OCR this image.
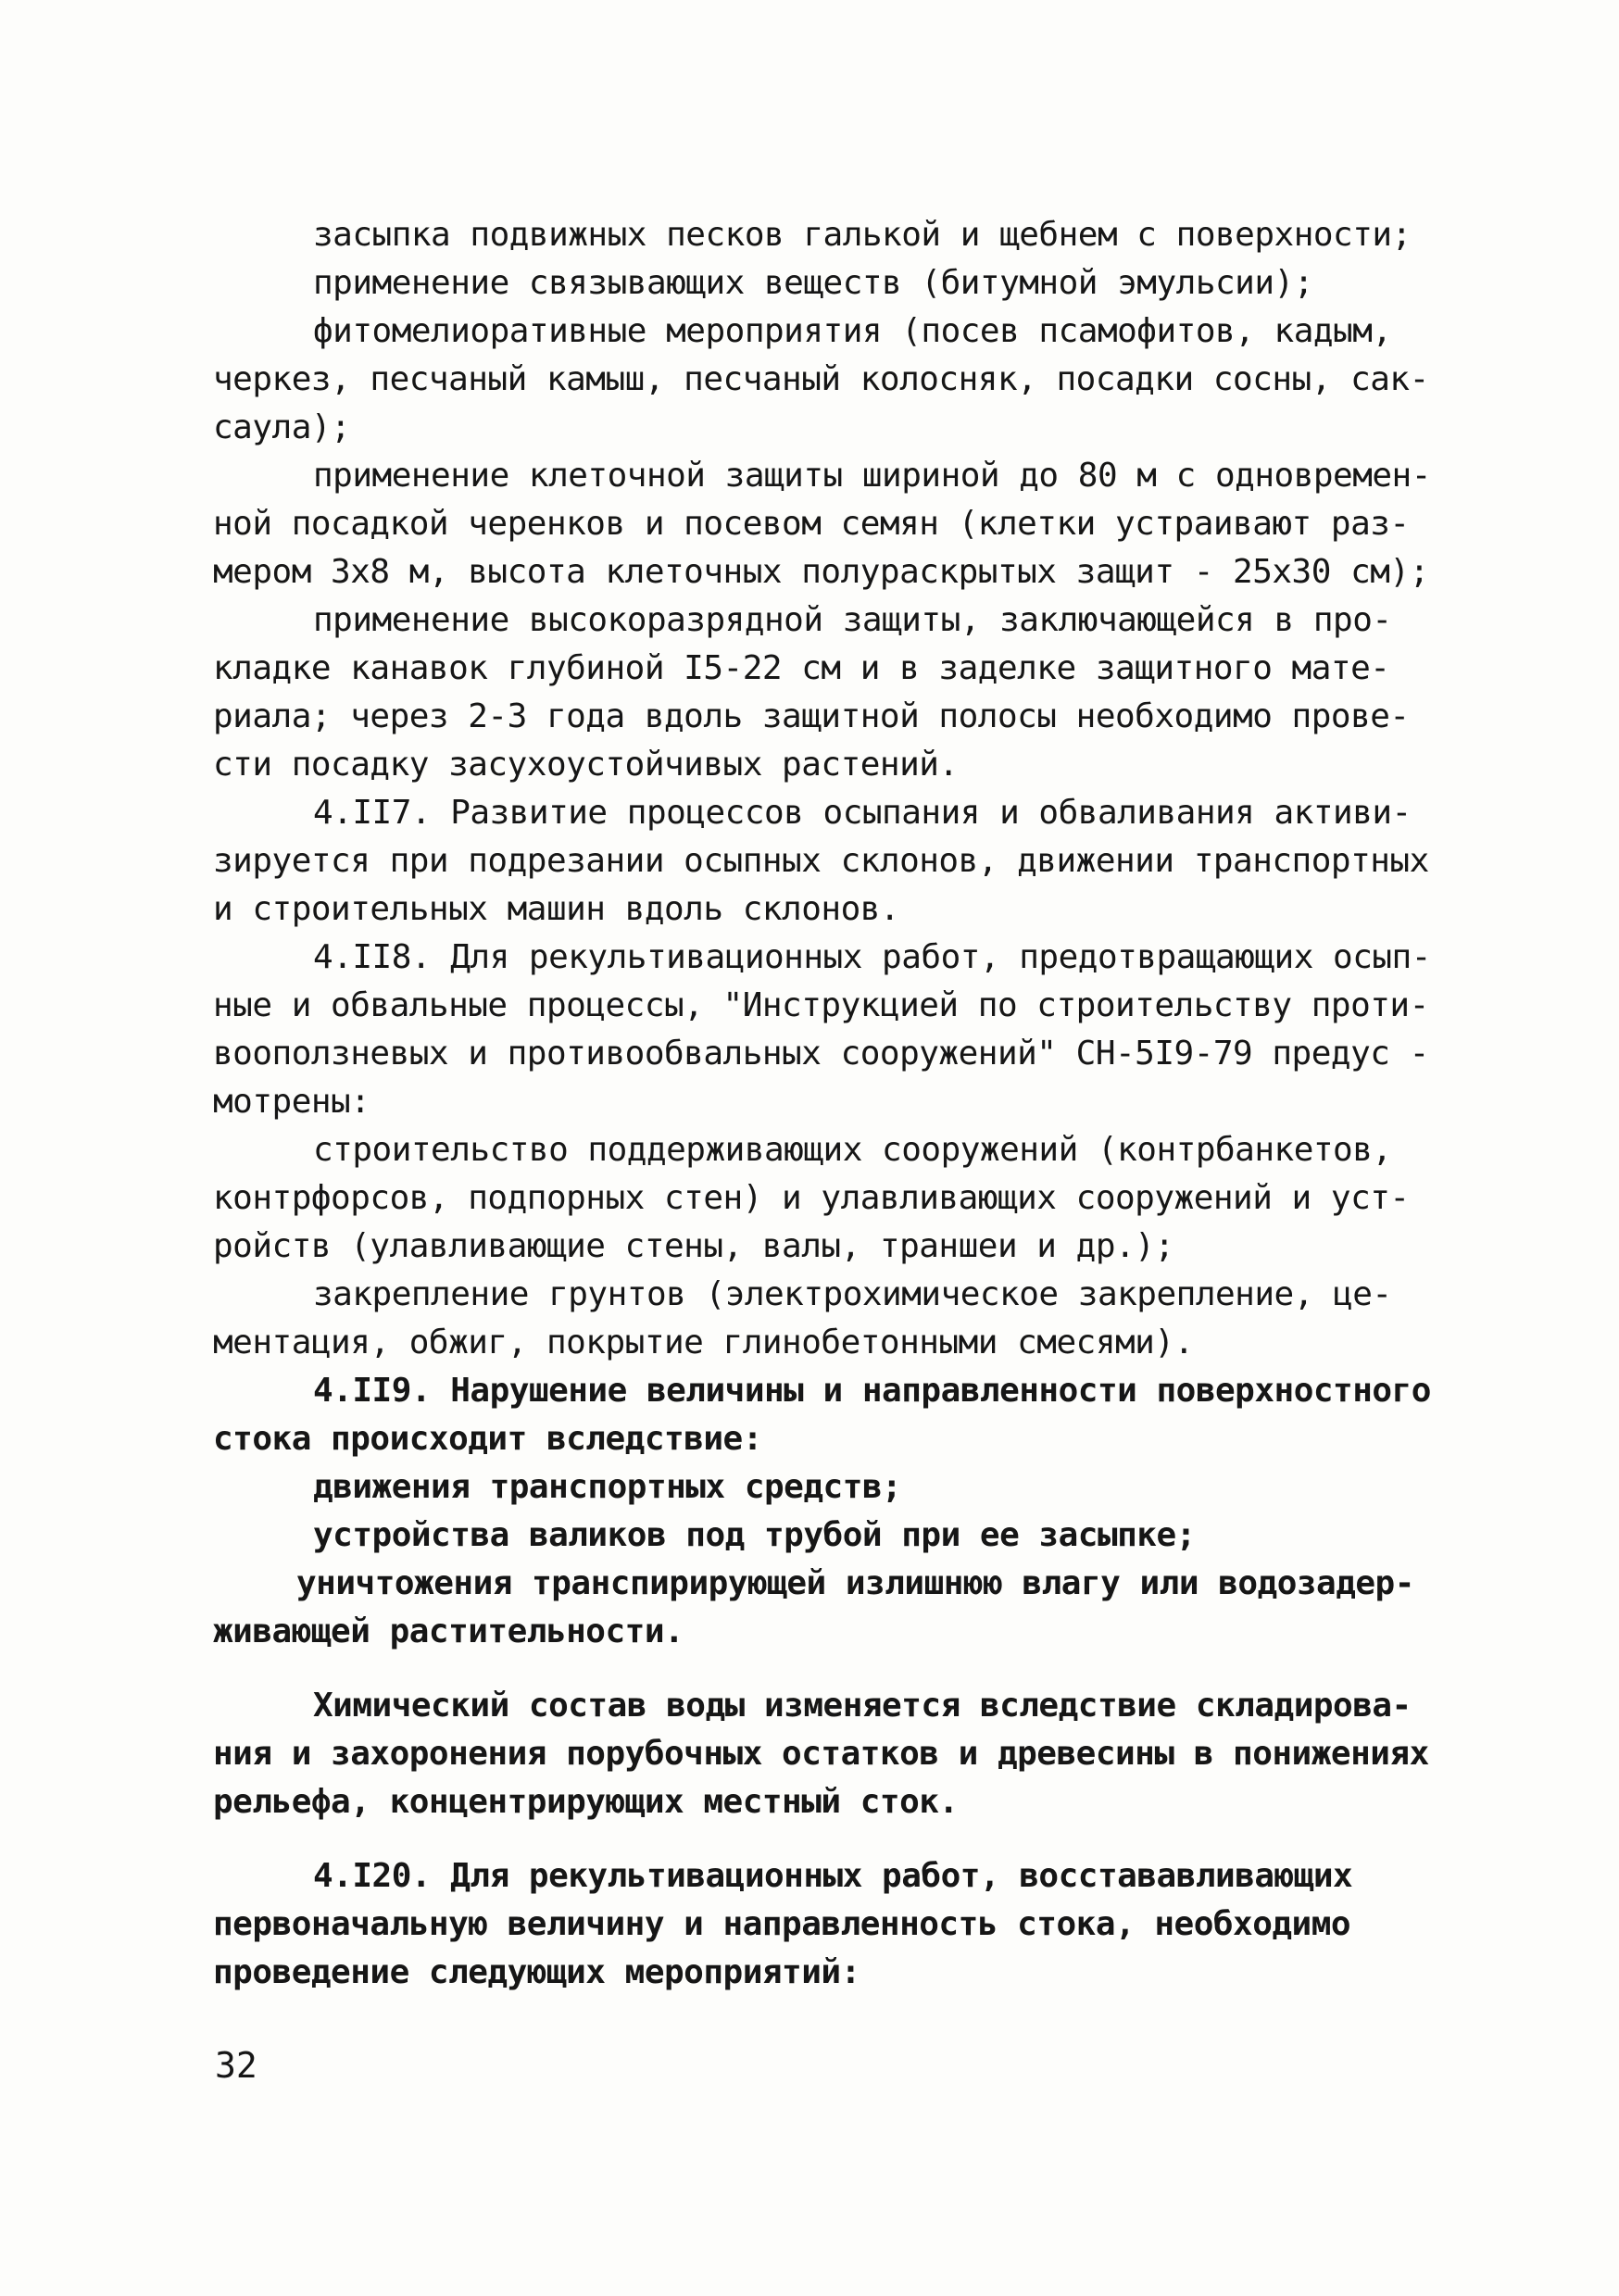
засыпка подвижных песков галькой и щебнем с поверхности;
применение связывающих веществ (битумной эмульсии);
фитомелиоративные мероприятия (посев псамофитов, кадым,
черкез, песчаный камыш, песчаный колосняк, посадки сосны, сак-
саула);
применение клеточной защиты шириной до 80 м с одновремен-
ной посадкой черенков и посевом семян (клетки устраивают раз-
мером 3х8 м, высота клеточных полураскрытых защит - 25х30 см);
применение высокоразрядной защиты, заключающейся в про-
кладке канавок глубиной I5-22 см и в заделке защитного мате-
риала; через 2-3 года вдоль защитной полосы необходимо прове-
сти посадку засухоустойчивых растений.
4.II7. Развитие процессов осыпания и обваливания активи-
зируется при подрезании осыпных склонов, движении транспортных
и строительных машин вдоль склонов.
4.II8. Для рекультивационных работ, предотвращающих осып-
ные и обвальные процессы, "Инструкцией по строительству проти-
вооползневых и противообвальных сооружений" СН-5I9-79 предус -
мотрены:
строительство поддерживающих сооружений (контрбанкетов,
контрфорсов, подпорных стен) и улавливающих сооружений и уст-
ройств (улавливающие стены, валы, траншеи и др.);
закрепление грунтов (электрохимическое закрепление, це-
ментация, обжиг, покрытие глинобетонными смесями).
4.II9. Нарушение величины и направленности поверхностного
стока происходит вследствие:
движения транспортных средств;
устройства валиков под трубой при ее засыпке;
уничтожения транспирирующей излишнюю влагу или водозадер-
живающей растительности.
Химический состав воды изменяется вследствие складирова-
ния и захоронения порубочных остатков и древесины в понижениях
рельефа, концентрирующих местный сток.
4.I20. Для рекультивационных работ, восстававливающих
первоначальную величину и направленность стока, необходимо
проведение следующих мероприятий:
32
